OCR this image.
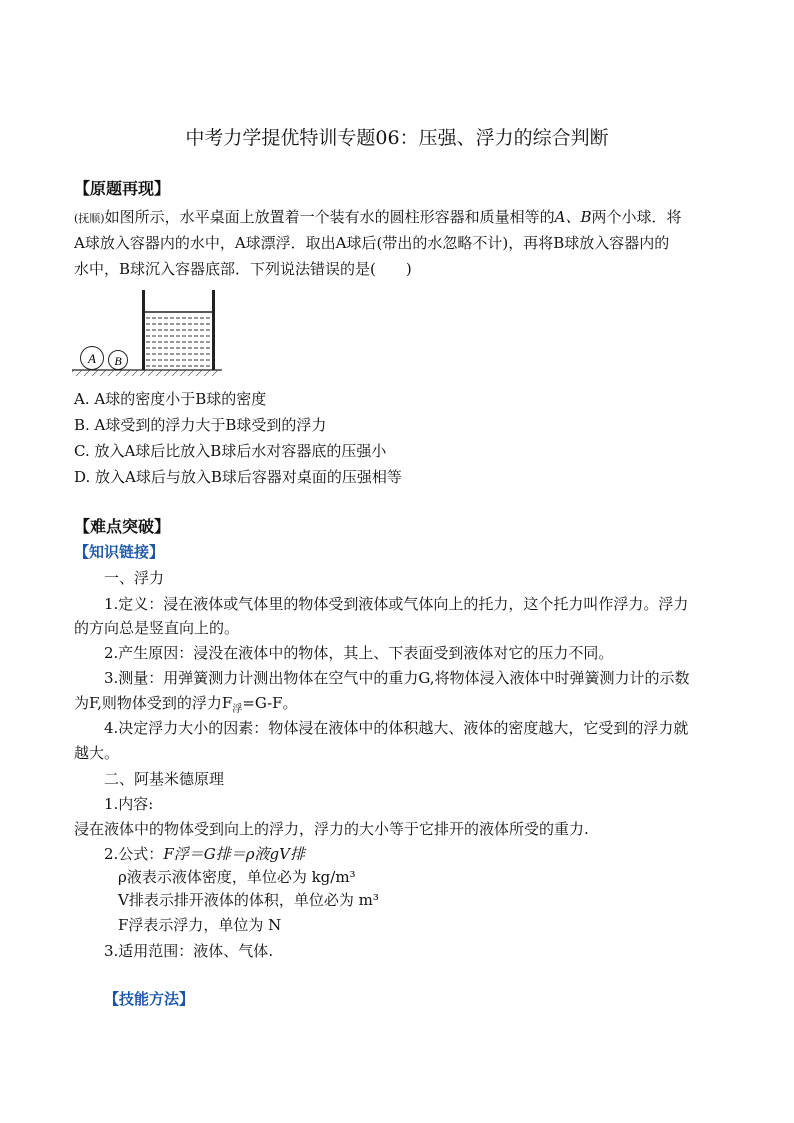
中考力学提优特训专题06：压强、浮力的综合判断
【原题再现】
(抚顺)如图所示，水平桌面上放置着一个装有水的圆柱形容器和质量相等的A、B两个小球．将
A球放入容器内的水中，A球漂浮．取出A球后(带出的水忽略不计)，再将B球放入容器内的
水中，B球沉入容器底部．下列说法错误的是(　　)
A B
A. A球的密度小于B球的密度
B. A球受到的浮力大于B球受到的浮力
C. 放入A球后比放入B球后水对容器底的压强小
D. 放入A球后与放入B球后容器对桌面的压强相等
【难点突破】
【知识链接】
一、浮力
1.定义：浸在液体或气体里的物体受到液体或气体向上的托力，这个托力叫作浮力。浮力
的方向总是竖直向上的。
2.产生原因：浸没在液体中的物体，其上、下表面受到液体对它的压力不同。
3.测量：用弹簧测力计测出物体在空气中的重力G,将物体浸入液体中时弹簧测力计的示数
为F,则物体受到的浮力$F_浮=G-F$。
4.决定浮力大小的因素：物体浸在液体中的体积越大、液体的密度越大，它受到的浮力就
越大。
二、阿基米德原理
1.内容:
浸在液体中的物体受到向上的浮力，浮力的大小等于它排开的液体所受的重力.
2.公式：F浮＝G排＝ρ液gV排
ρ液表示液体密度，单位必为 kg/m³
V排表示排开液体的体积，单位必为 m³
F浮表示浮力，单位为 N
3.适用范围：液体、气体.
【技能方法】
